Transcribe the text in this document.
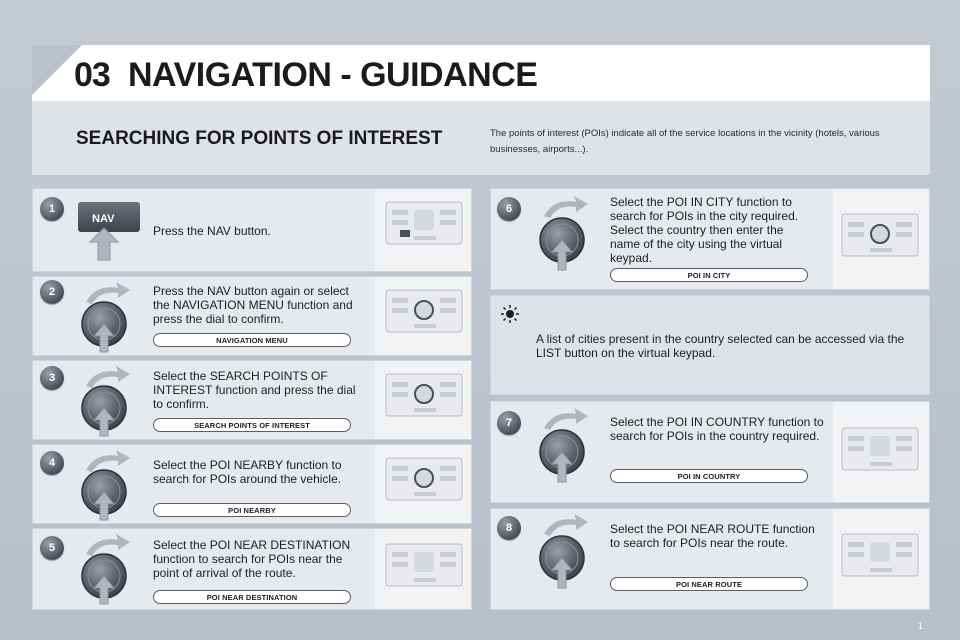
03 NAVIGATION - GUIDANCE
SEARCHING FOR POINTS OF INTEREST	The points of interest (POIs) indicate all of the service locations in the vicinity (hotels, various businesses, airports...).
1
NAV
Press the NAV button.
2	Press the NAV button again or select the NAVIGATION MENU function and press the dial to confirm.
NAVIGATION MENU
3	Select the SEARCH POINTS OF INTEREST function and press the dial to confirm.
SEARCH POINTS OF INTEREST
4	Select the POI NEARBY function to search for POIs around the vehicle.
POI NEARBY
5	Select the POI NEAR DESTINATION function to search for POIs near the point of arrival of the route.
POI NEAR DESTINATION
6	Select the POI IN CITY function to search for POIs in the city required. Select the country then enter the name of the city using the virtual keypad.
POI IN CITY
A list of cities present in the country selected can be accessed via the LIST button on the virtual keypad.
7	Select the POI IN COUNTRY function to search for POIs in the country required.
POI IN COUNTRY
8	Select the POI NEAR ROUTE function to search for POIs near the route.
POI NEAR ROUTE
1
